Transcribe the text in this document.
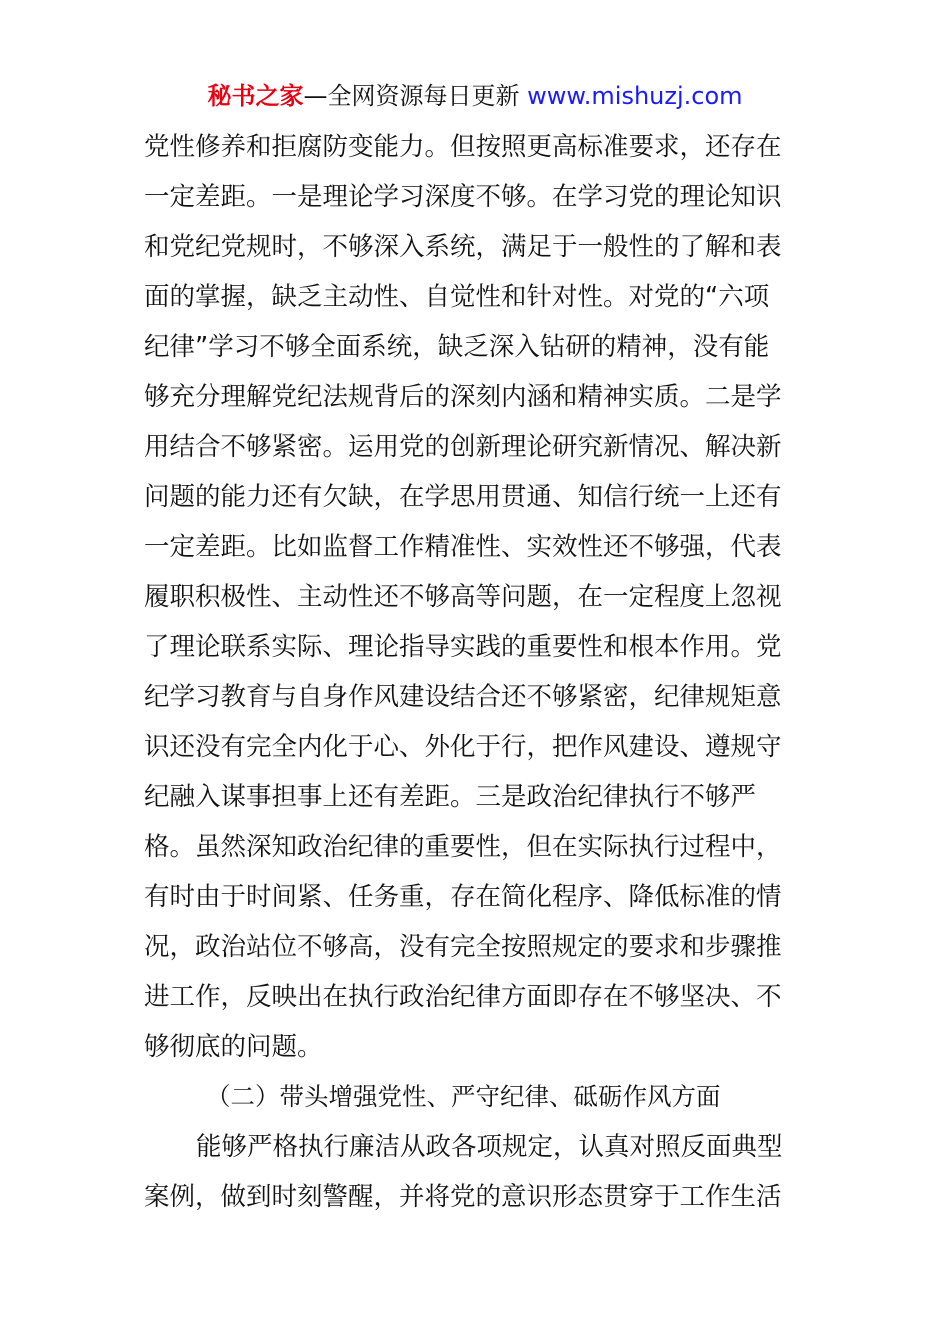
秘书之家—全网资源每日更新 www.mishuzj.com
党性修养和拒腐防变能力。但按照更高标准要求，还存在
一定差距。一是理论学习深度不够。在学习党的理论知识
和党纪党规时，不够深入系统，满足于一般性的了解和表
面的掌握，缺乏主动性、自觉性和针对性。对党的“六项
纪律”学习不够全面系统，缺乏深入钻研的精神，没有能
够充分理解党纪法规背后的深刻内涵和精神实质。二是学
用结合不够紧密。运用党的创新理论研究新情况、解决新
问题的能力还有欠缺，在学思用贯通、知信行统一上还有
一定差距。比如监督工作精准性、实效性还不够强，代表
履职积极性、主动性还不够高等问题，在一定程度上忽视
了理论联系实际、理论指导实践的重要性和根本作用。党
纪学习教育与自身作风建设结合还不够紧密，纪律规矩意
识还没有完全内化于心、外化于行，把作风建设、遵规守
纪融入谋事担事上还有差距。三是政治纪律执行不够严
格。虽然深知政治纪律的重要性，但在实际执行过程中，
有时由于时间紧、任务重，存在简化程序、降低标准的情
况，政治站位不够高，没有完全按照规定的要求和步骤推
进工作，反映出在执行政治纪律方面即存在不够坚决、不
够彻底的问题。
（二）带头增强党性、严守纪律、砥砺作风方面
能够严格执行廉洁从政各项规定，认真对照反面典型
案例，做到时刻警醒，并将党的意识形态贯穿于工作生活
